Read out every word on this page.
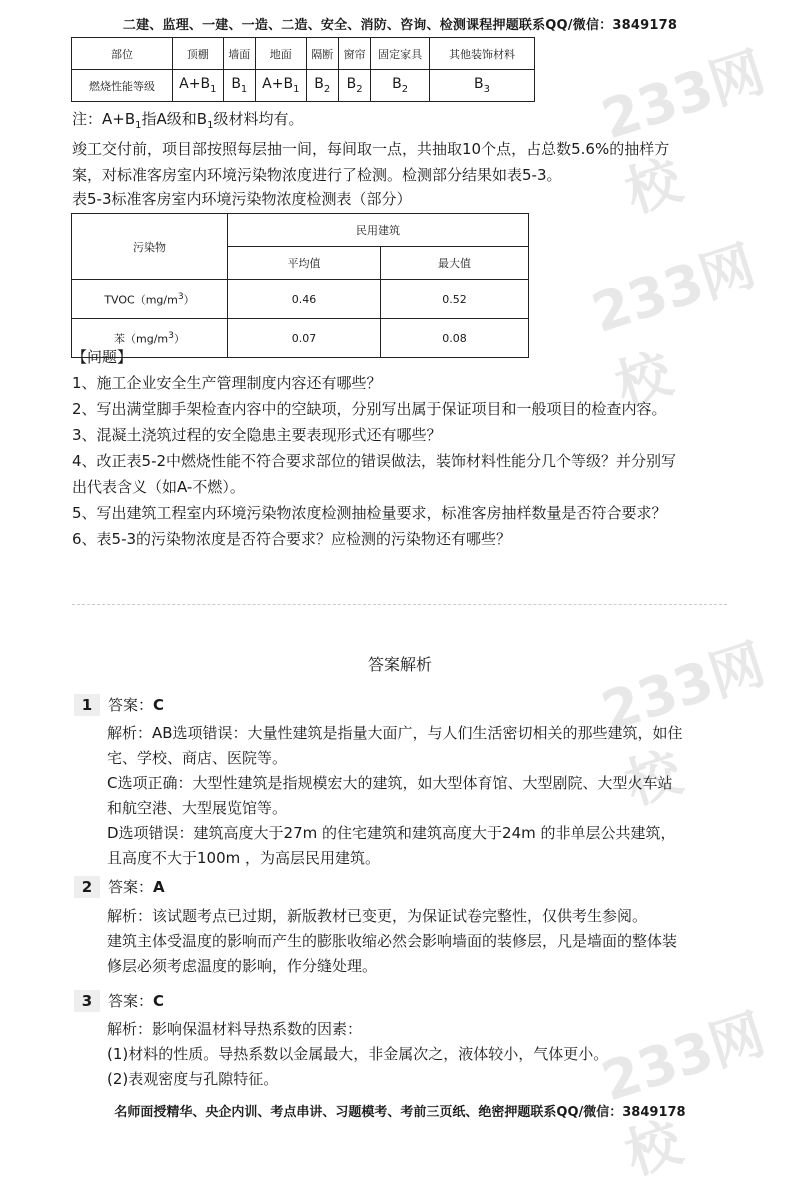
233网校
233网校
233网校
233网校
二建、监理、一建、一造、二造、安全、消防、咨询、检测课程押题联系QQ/微信：3849178
部位	顶棚	墙面	地面	隔断	窗帘	固定家具	其他装饰材料
燃烧性能等级	$A+B_1$	$B_1$	$A+B_1$	$B_2$	$B_2$	$B_2$	$B_3$
注：$A+B_1$指A级和$B_1$级材料均有。
竣工交付前，项目部按照每层抽一间，每间取一点，共抽取10个点，占总数5.6%的抽样方
案，对标准客房室内环境污染物浓度进行了检测。检测部分结果如表5-3。
表5-3标准客房室内环境污染物浓度检测表（部分）
污染物	民用建筑	
	平均值	最大值
$TVOC(mg/m^3)$	0.46	0.52
苯$(mg/m^3)$	0.07	0.08
【问题】
1、施工企业安全生产管理制度内容还有哪些？
2、写出满堂脚手架检查内容中的空缺项，分别写出属于保证项目和一般项目的检查内容。
3、混凝土浇筑过程的安全隐患主要表现形式还有哪些？
4、改正表5-2中燃烧性能不符合要求部位的错误做法，装饰材料性能分几个等级？并分别写
出代表含义（如A-不燃）。
5、写出建筑工程室内环境污染物浓度检测抽检量要求，标准客房抽样数量是否符合要求？
6、表5-3的污染物浓度是否符合要求？应检测的污染物还有哪些？
答案解析
1	答案：C
解析：AB选项错误：大量性建筑是指量大面广，与人们生活密切相关的那些建筑，如住
宅、学校、商店、医院等。
C选项正确：大型性建筑是指规模宏大的建筑，如大型体育馆、大型剧院、大型火车站
和航空港、大型展览馆等。
D选项错误：建筑高度大于27m 的住宅建筑和建筑高度大于24m 的非单层公共建筑，
且高度不大于100m ，为高层民用建筑。
2	答案：A
解析：该试题考点已过期，新版教材已变更，为保证试卷完整性，仅供考生参阅。
建筑主体受温度的影响而产生的膨胀收缩必然会影响墙面的装修层，凡是墙面的整体装
修层必须考虑温度的影响，作分缝处理。
3	答案：C
解析：影响保温材料导热系数的因素：
(1)材料的性质。导热系数以金属最大，非金属次之，液体较小，气体更小。
(2)表观密度与孔隙特征。
名师面授精华、央企内训、考点串讲、习题模考、考前三页纸、绝密押题联系QQ/微信：3849178
